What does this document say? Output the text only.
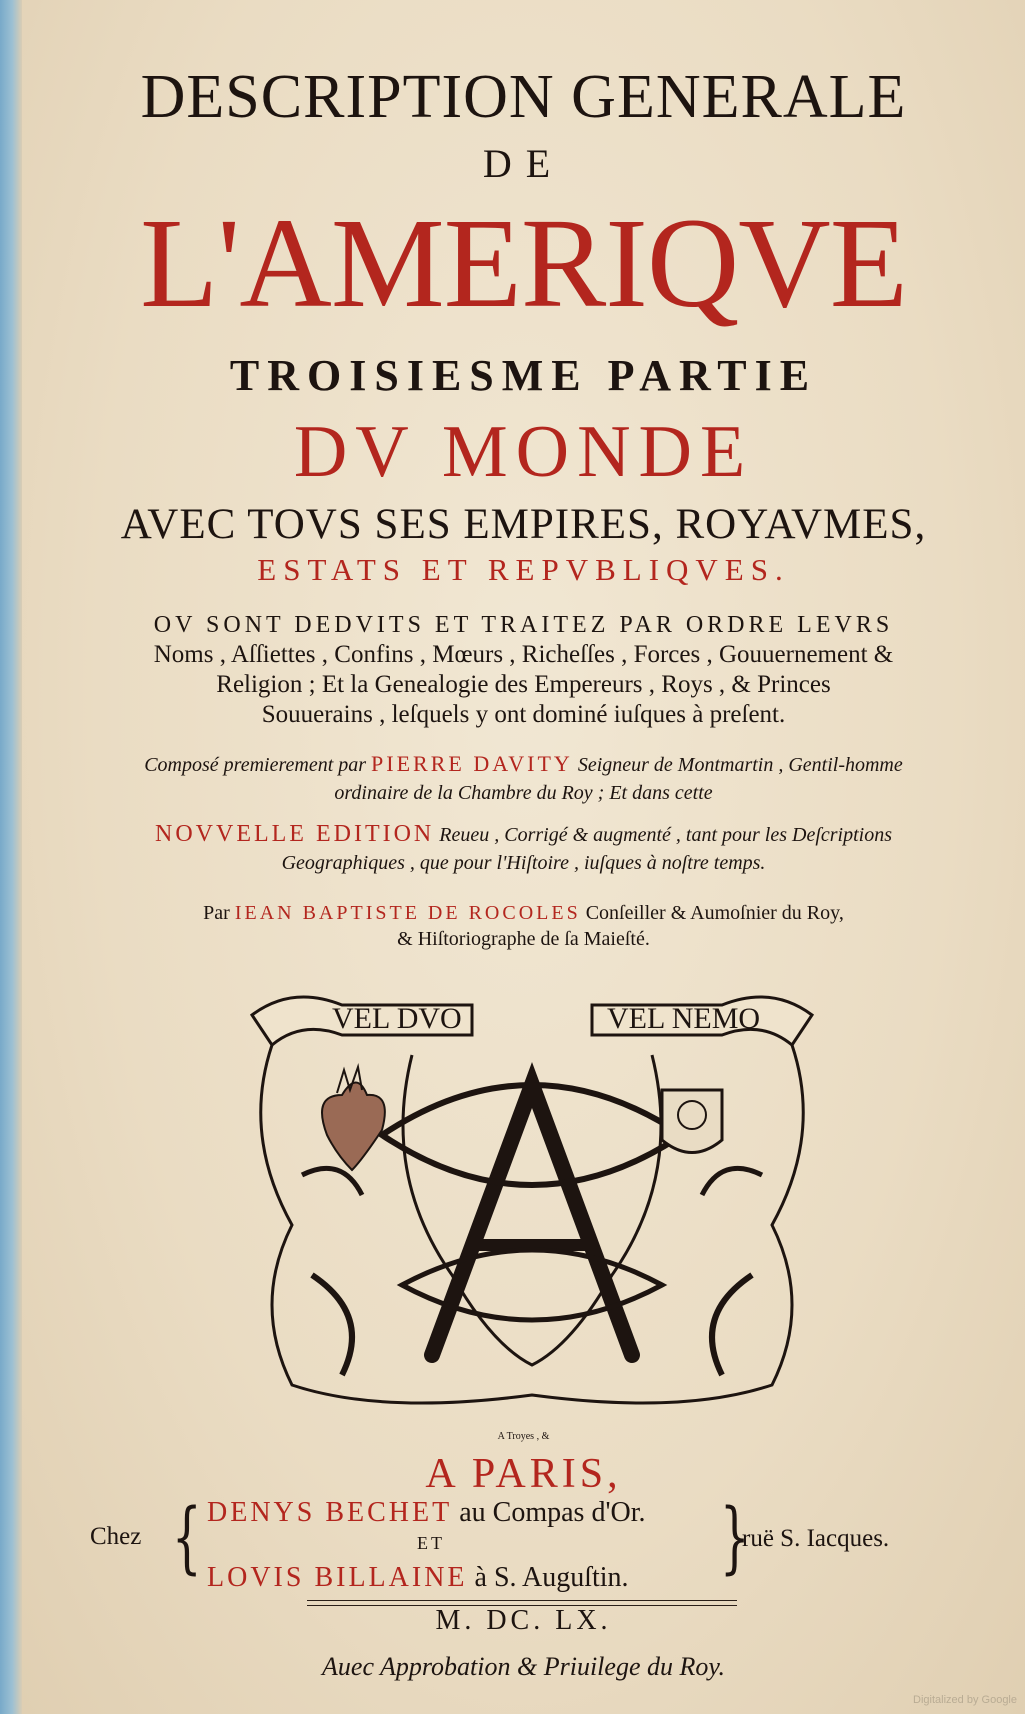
DESCRIPTION GENERALE
DE
L'AMERIQVE
TROISIESME PARTIE
DV MONDE
AVEC TOVS SES EMPIRES, ROYAVMES,
ESTATS ET REPVBLIQVES.
OV SONT DEDVITS ET TRAITEZ PAR ORDRE LEVRS
Noms , Aſſiettes , Confins , Mœurs , Richeſſes , Forces , Gouuernement &
Religion ; Et la Genealogie des Empereurs , Roys , & Princes
Souuerains , leſquels y ont dominé iuſques à preſent.
Composé premierement par PIERRE DAVITY Seigneur de Montmartin , Gentil-homme
ordinaire de la Chambre du Roy ; Et dans cette
NOVVELLE EDITION Reueu , Corrigé & augmenté , tant pour les Deſcriptions
Geographiques , que pour l'Hiſtoire , iuſques à noſtre temps.
Par IEAN BAPTISTE DE ROCOLES Conſeiller & Aumoſnier du Roy,
& Hiſtoriographe de ſa Maieſté.
VEL DVO	VEL NEMO
A Troyes , &
A PARIS,
Chez { DENYS BECHET au Compas d'Or.
ET
LOVIS BILLAINE à S. Auguſtin. }
ruë S. Iacques.
M. DC. LX.
Auec Approbation & Priuilege du Roy.
Digitalized by Google
